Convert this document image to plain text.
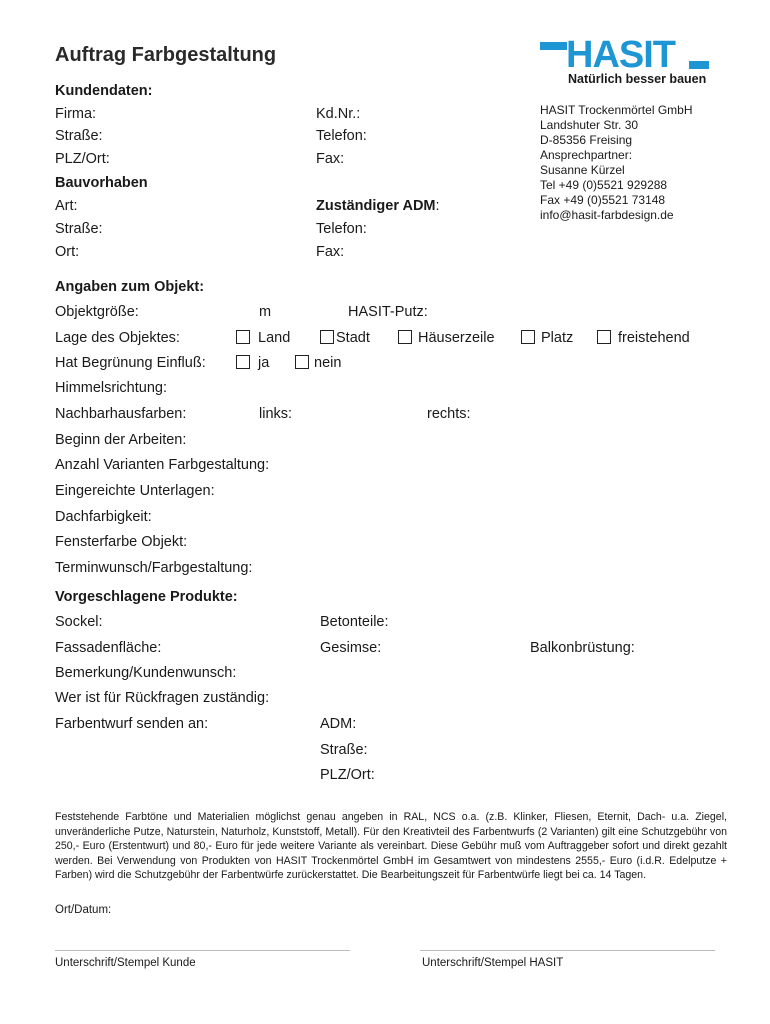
Auftrag Farbgestaltung	HASIT
Natürlich besser bauen
HASIT Trockenmörtel GmbH
Landshuter Str. 30
D-85356 Freising
Ansprechpartner:
Susanne Kürzel
Tel +49 (0)5521 929288
Fax +49 (0)5521 73148
info@hasit-farbdesign.de
Kundendaten:
Firma:	Kd.Nr.:
Straße:	Telefon:
PLZ/Ort:	Fax:
Bauvorhaben
Art:	Zuständiger ADM:
Straße:	Telefon:
Ort:	Fax:
Angaben zum Objekt:
Objektgröße:	m	HASIT-Putz:
Lage des Objektes:	Land	Stadt	Häuserzeile	Platz	freistehend
Hat Begrünung Einfluß:	ja	nein
Himmelsrichtung:
Nachbarhausfarben:	links:	rechts:
Beginn der Arbeiten:
Anzahl Varianten Farbgestaltung:
Eingereichte Unterlagen:
Dachfarbigkeit:
Fensterfarbe Objekt:
Terminwunsch/Farbgestaltung:
Vorgeschlagene Produkte:
Sockel:	Betonteile:
Fassadenfläche:	Gesimse:	Balkonbrüstung:
Bemerkung/Kundenwunsch:
Wer ist für Rückfragen zuständig:
Farbentwurf senden an:	ADM:
Straße:
PLZ/Ort:
Feststehende Farbtöne und Materialien möglichst genau angeben in RAL, NCS o.a. (z.B. Klinker, Fliesen, Eternit, Dach- u.a. Ziegel, unveränderliche Putze, Naturstein, Naturholz, Kunststoff, Metall). Für den Kreativteil des Farbentwurfs (2 Varianten) gilt eine Schutzgebühr von 250,- Euro (Erstentwurt) und 80,- Euro für jede weitere Variante als vereinbart. Diese Gebühr muß vom Auftraggeber sofort und direkt gezahlt werden. Bei Verwendung von Produkten von HASIT Trockenmörtel GmbH im Gesamtwert von mindestens 2555,- Euro (i.d.R. Edelputze + Farben) wird die Schutzgebühr der Farbentwürfe zurückerstattet. Die Bearbeitungszeit für Farbentwürfe liegt bei ca. 14 Tagen.
Ort/Datum:
Unterschrift/Stempel Kunde	Unterschrift/Stempel HASIT
